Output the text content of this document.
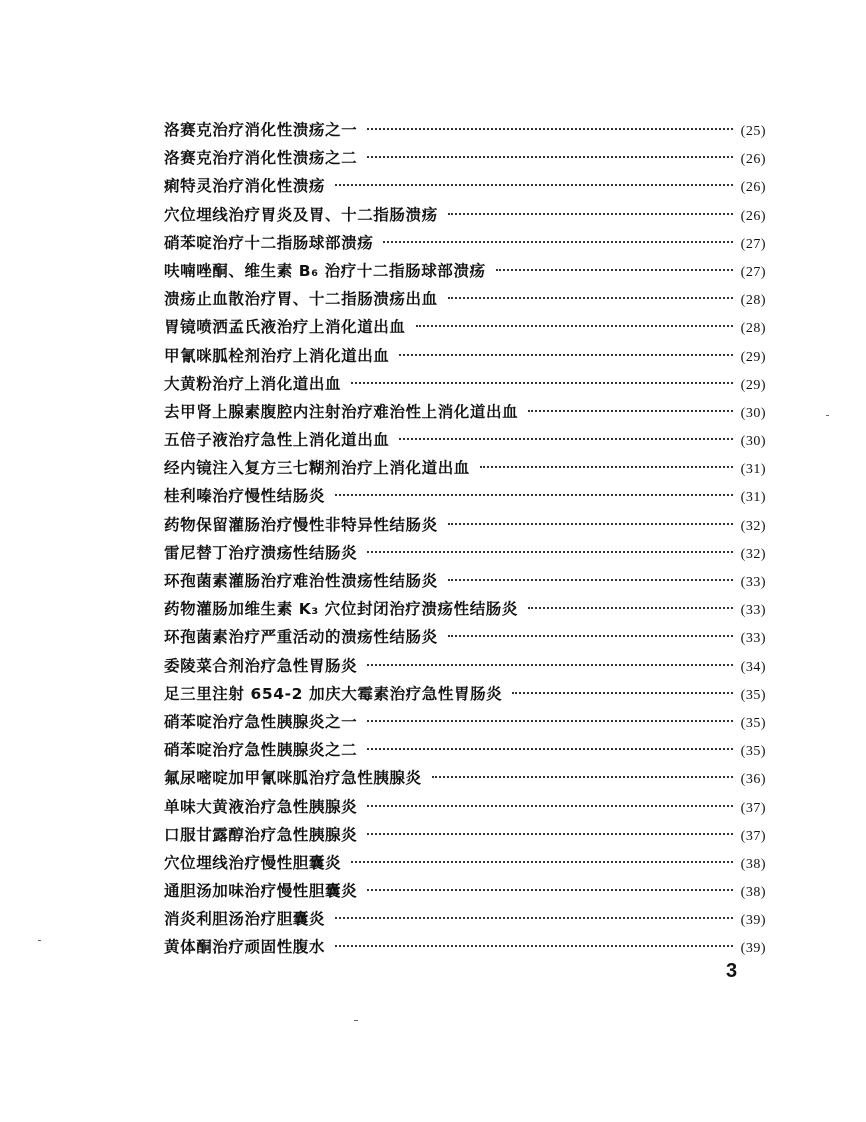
洛赛克治疗消化性溃疡之一	(25)
洛赛克治疗消化性溃疡之二	(26)
痢特灵治疗消化性溃疡	(26)
穴位埋线治疗胃炎及胃、十二指肠溃疡	(26)
硝苯啶治疗十二指肠球部溃疡	(27)
呋喃唑酮、维生素 B₆ 治疗十二指肠球部溃疡	(27)
溃疡止血散治疗胃、十二指肠溃疡出血	(28)
胃镜喷洒孟氏液治疗上消化道出血	(28)
甲氰咪胍栓剂治疗上消化道出血	(29)
大黄粉治疗上消化道出血	(29)
去甲肾上腺素腹腔内注射治疗难治性上消化道出血	(30)
五倍子液治疗急性上消化道出血	(30)
经内镜注入复方三七糊剂治疗上消化道出血	(31)
桂利嗪治疗慢性结肠炎	(31)
药物保留灌肠治疗慢性非特异性结肠炎	(32)
雷尼替丁治疗溃疡性结肠炎	(32)
环孢菌素灌肠治疗难治性溃疡性结肠炎	(33)
药物灌肠加维生素 K₃ 穴位封闭治疗溃疡性结肠炎	(33)
环孢菌素治疗严重活动的溃疡性结肠炎	(33)
委陵菜合剂治疗急性胃肠炎	(34)
足三里注射 654-2 加庆大霉素治疗急性胃肠炎	(35)
硝苯啶治疗急性胰腺炎之一	(35)
硝苯啶治疗急性胰腺炎之二	(35)
氟尿嘧啶加甲氰咪胍治疗急性胰腺炎	(36)
单味大黄液治疗急性胰腺炎	(37)
口服甘露醇治疗急性胰腺炎	(37)
穴位埋线治疗慢性胆囊炎	(38)
通胆汤加味治疗慢性胆囊炎	(38)
消炎利胆汤治疗胆囊炎	(39)
黄体酮治疗顽固性腹水	(39)
3
